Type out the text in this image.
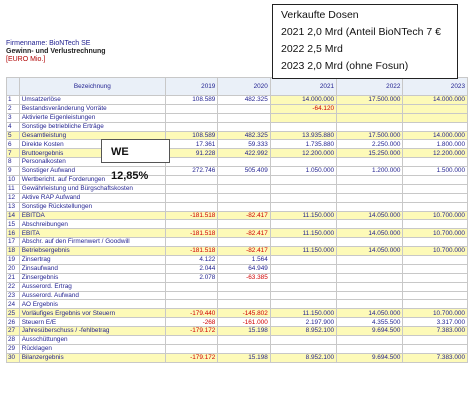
Firmenname: BioNTech SE
Gewinn- und Verlustrechnung
[EURO Mio.]
	Bezeichnung	2019	2020	2021	2022	2023
1	Umsatzerlöse	108.589	482.325	14.000.000	17.500.000	14.000.000
2	Bestandsveränderung Vorräte			-64.120		
3	Aktivierte Eigenleistungen					
4	Sonstige betriebliche Erträge					
5	Gesamtleistung	108.589	482.325	13.935.880	17.500.000	14.000.000
6	Direkte Kosten	17.361	59.333	1.735.880	2.250.000	1.800.000
7	Bruttoergebnis	91.228	422.992	12.200.000	15.250.000	12.200.000
8	Personalkosten					
9	Sonstiger Aufwand	272.746	505.409	1.050.000	1.200.000	1.500.000
10	Wertbericht. auf Forderungen					
11	Gewährleistung und Bürgschaftskosten					
12	Aktive RAP Aufwand					
13	Sonstige Rückstellungen					
14	EBITDA	-181.518	-82.417	11.150.000	14.050.000	10.700.000
15	Abschreibungen					
16	EBITA	-181.518	-82.417	11.150.000	14.050.000	10.700.000
17	Abschr. auf den Firmenwert / Goodwill					
18	Betriebsergebnis	-181.518	-82.417	11.150.000	14.050.000	10.700.000
19	Zinsertrag	4.122	1.564			
20	Zinsaufwand	2.044	64.949			
21	Zinsergebnis	2.078	-63.385			
22	Ausserord. Ertrag					
23	Ausserord. Aufwand					
24	AO Ergebnis					
25	Vorläufiges Ergebnis vor Steuern	-179.440	-145.802	11.150.000	14.050.000	10.700.000
26	Steuern E/E	-268	-161.000	2.197.900	4.355.500	3.317.000
27	Jahresüberschuss / -fehlbetrag	-179.172	15.198	8.952.100	9.694.500	7.383.000
28	Ausschüttungen					
29	Rücklagen					
30	Bilanzergebnis	-179.172	15.198	8.952.100	9.694.500	7.383.000
Verkaufte Dosen
2021 2,0 Mrd (Anteil BioNTech 7 €
2022 2,5 Mrd
2023 2,0 Mrd (ohne Fosun)
WE 12,85%
